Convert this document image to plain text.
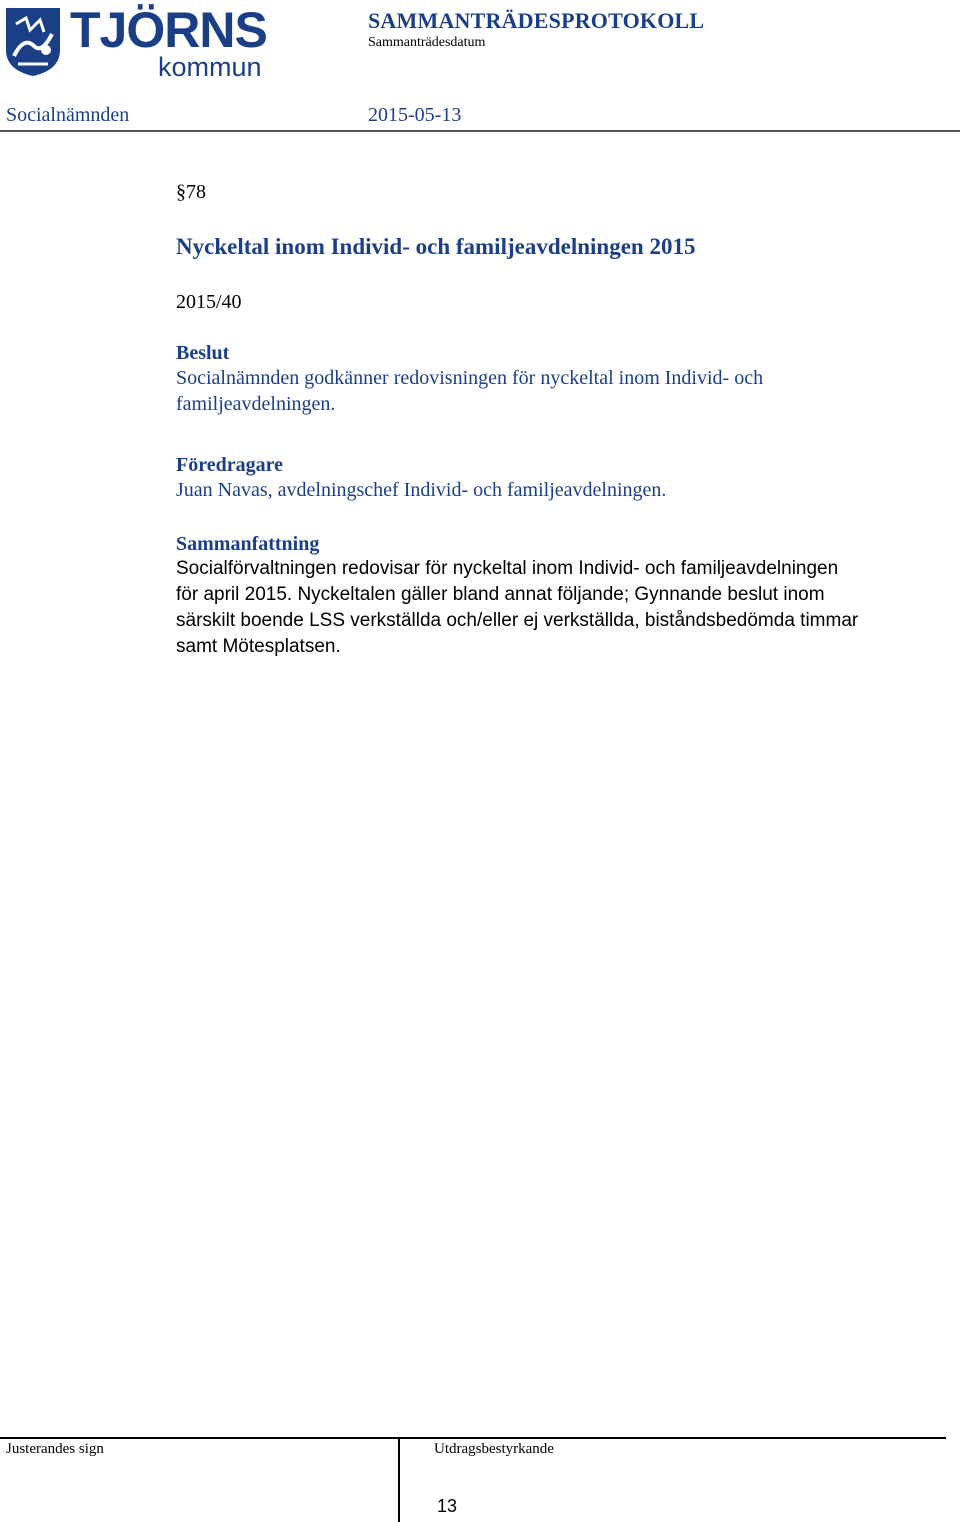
TJÖRNS
kommun
SAMMANTRÄDESPROTOKOLL
Sammanträdesdatum
Socialnämnden	2015-05-13
§78
Nyckeltal inom Individ- och familjeavdelningen 2015
2015/40
Beslut
Socialnämnden godkänner redovisningen för nyckeltal inom Individ- och
familjeavdelningen.
Föredragare
Juan Navas, avdelningschef Individ- och familjeavdelningen.
Sammanfattning
Socialförvaltningen redovisar för nyckeltal inom Individ- och familjeavdelningen
för april 2015. Nyckeltalen gäller bland annat följande; Gynnande beslut inom
särskilt boende LSS verkställda och/eller ej verkställda, biståndsbedömda timmar
samt Mötesplatsen.
Justerandes sign	Utdragsbestyrkande
13
